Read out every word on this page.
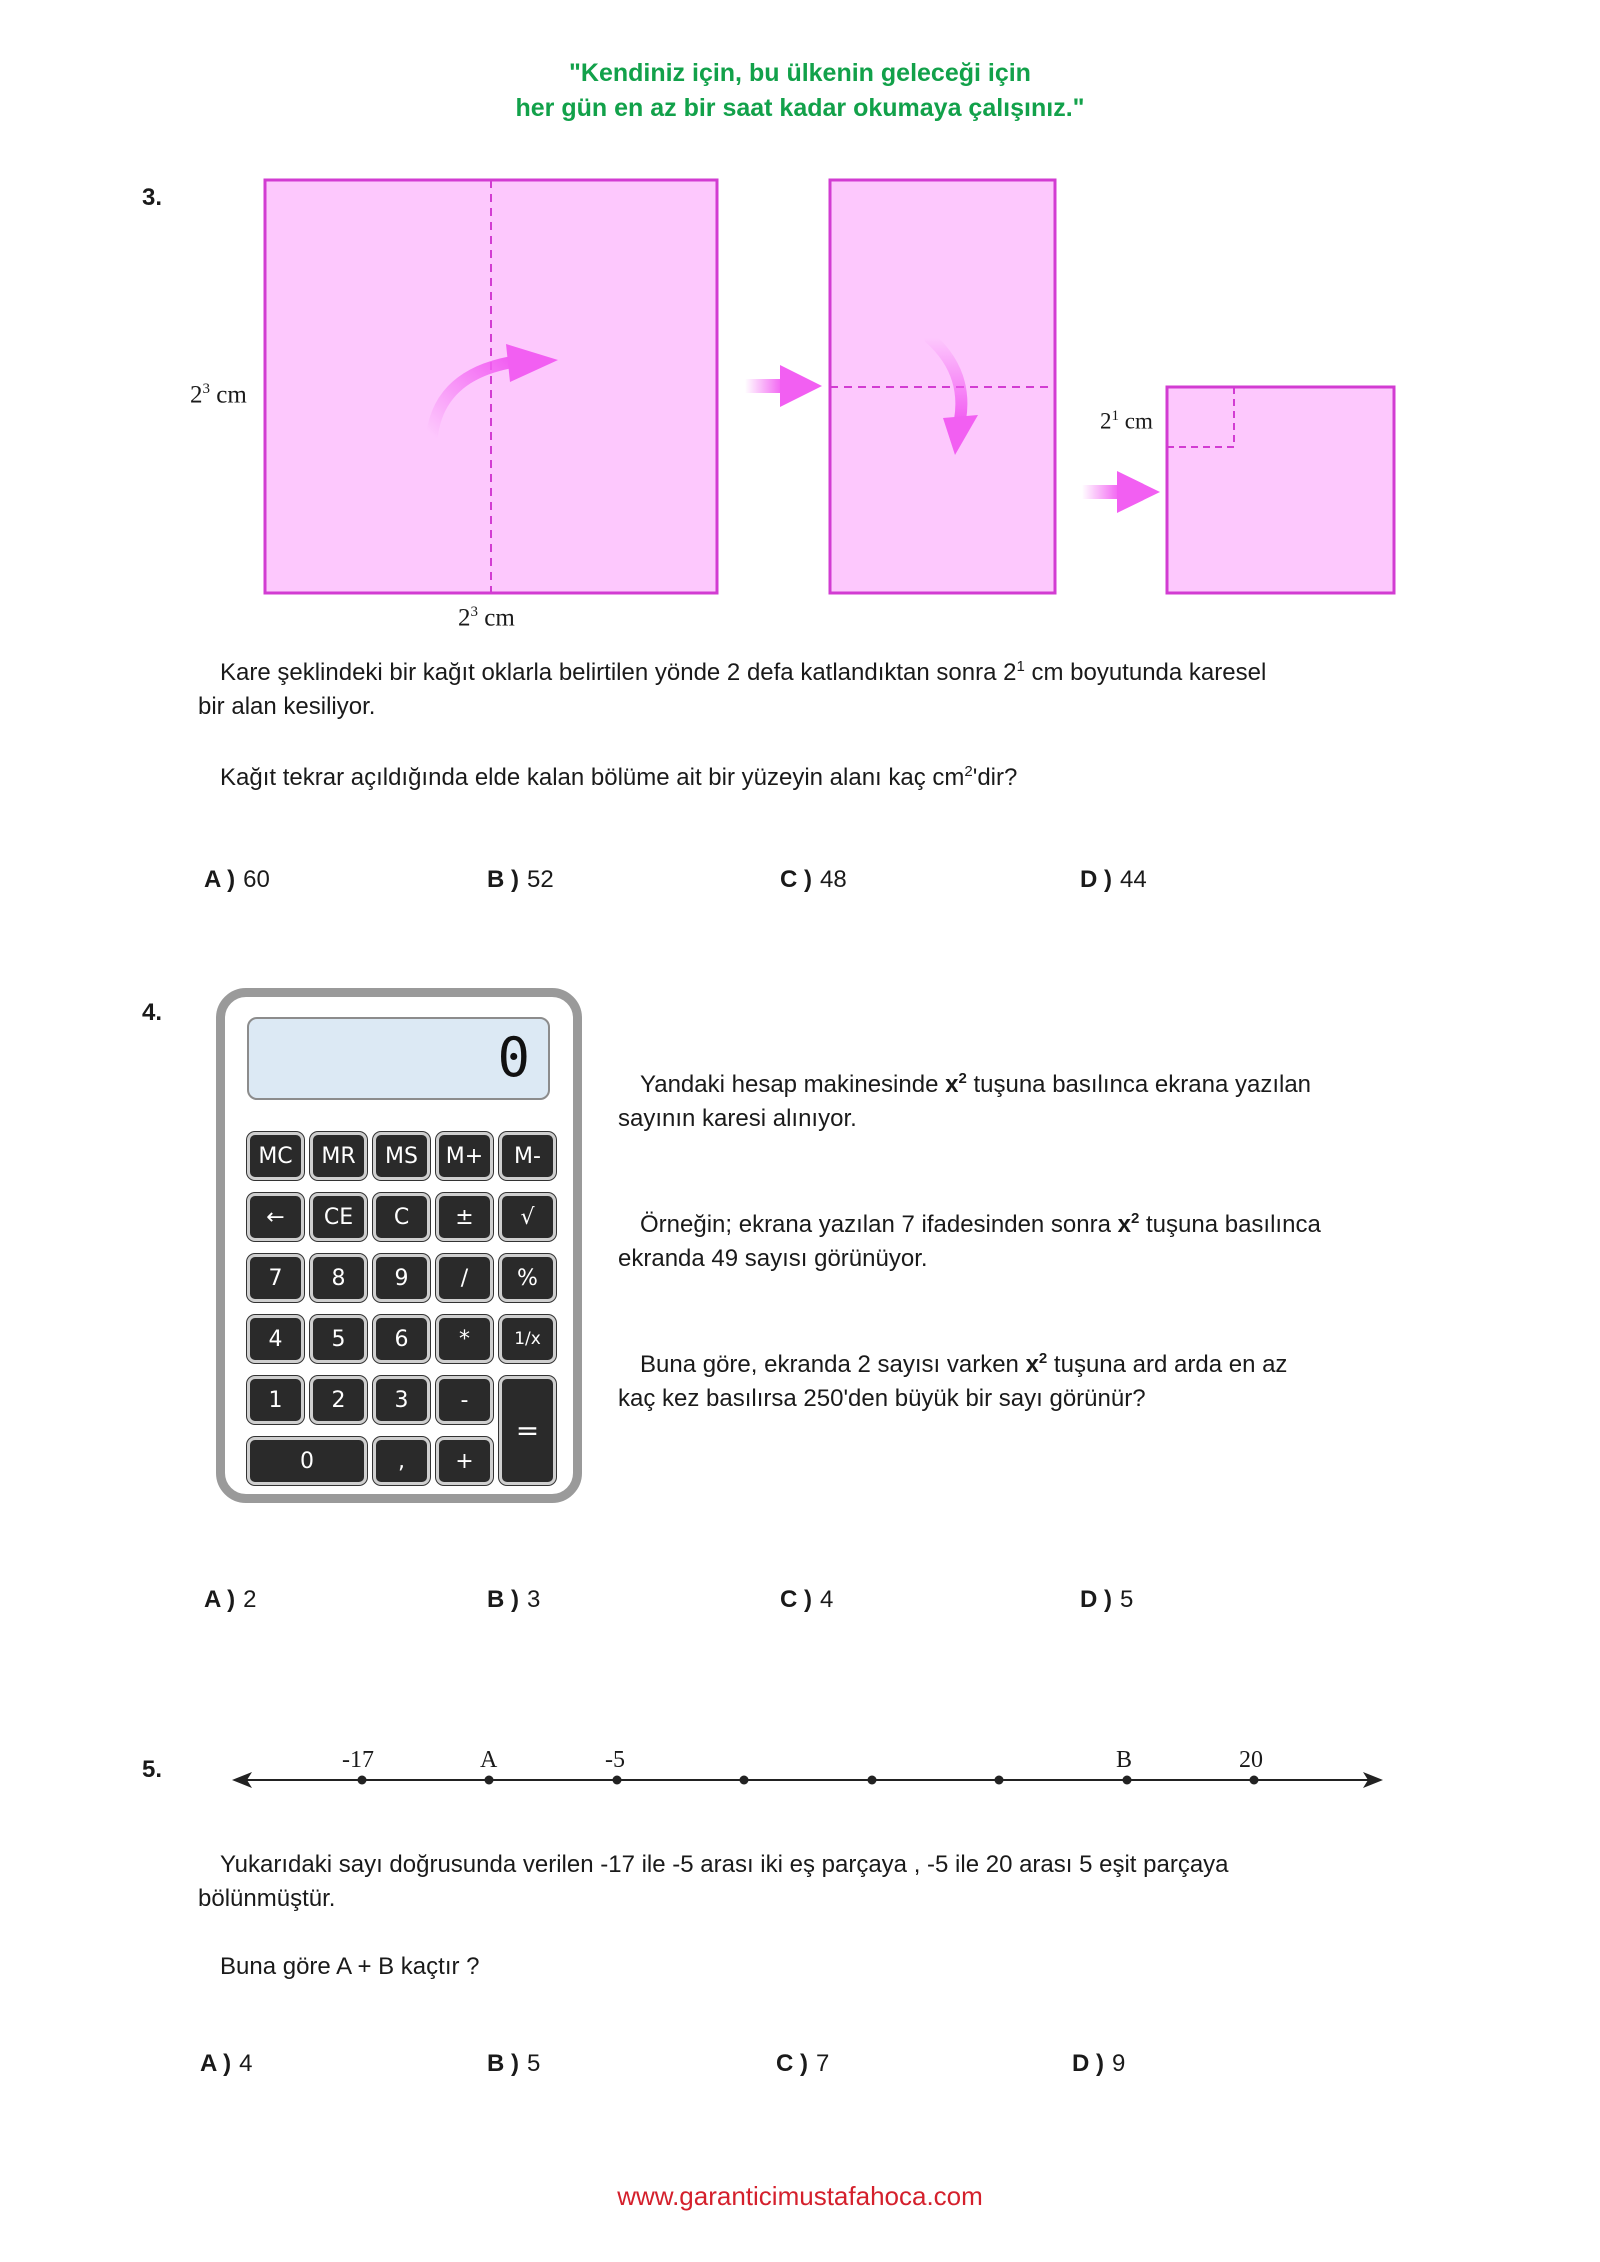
"Kendiniz için, bu ülkenin geleceği için
her gün en az bir saat kadar okumaya çalışınız."
3.
$2^3$ cm
$2^3$ cm
$2^1$ cm
Kare şeklindeki bir kağıt oklarla belirtilen yönde 2 defa katlandıktan sonra $2^1$ cm boyutunda karesel
bir alan kesiliyor.
Kağıt tekrar açıldığında elde kalan bölüme ait bir yüzeyin alanı kaç $cm^2'dir$?
A ) 60	B ) 52	C ) 48	D ) 44
4.
0
MC	MR	MS	M+	M-
←	CE	C	±	√
7	8	9	/	%
4	5	6	*	1/x
1	2	3	-
=
0	,	+
Yandaki hesap makinesinde $x^2$ tuşuna basılınca ekrana yazılan
sayının karesi alınıyor.
Örneğin; ekrana yazılan 7 ifadesinden sonra $x^2$ tuşuna basılınca
ekranda 49 sayısı görünüyor.
Buna göre, ekranda 2 sayısı varken $x^2$ tuşuna ard arda en az
kaç kez basılırsa 250'den büyük bir sayı görünür?
A ) 2	B ) 3	C ) 4	D ) 5
5.	-17	A	-5	B	20
Yukarıdaki sayı doğrusunda verilen -17 ile -5 arası iki eş parçaya , -5 ile 20 arası 5 eşit parçaya
bölünmüştür.
Buna göre A + B kaçtır ?
A ) 4	B ) 5	C ) 7	D ) 9
www.garanticimustafahoca.com
